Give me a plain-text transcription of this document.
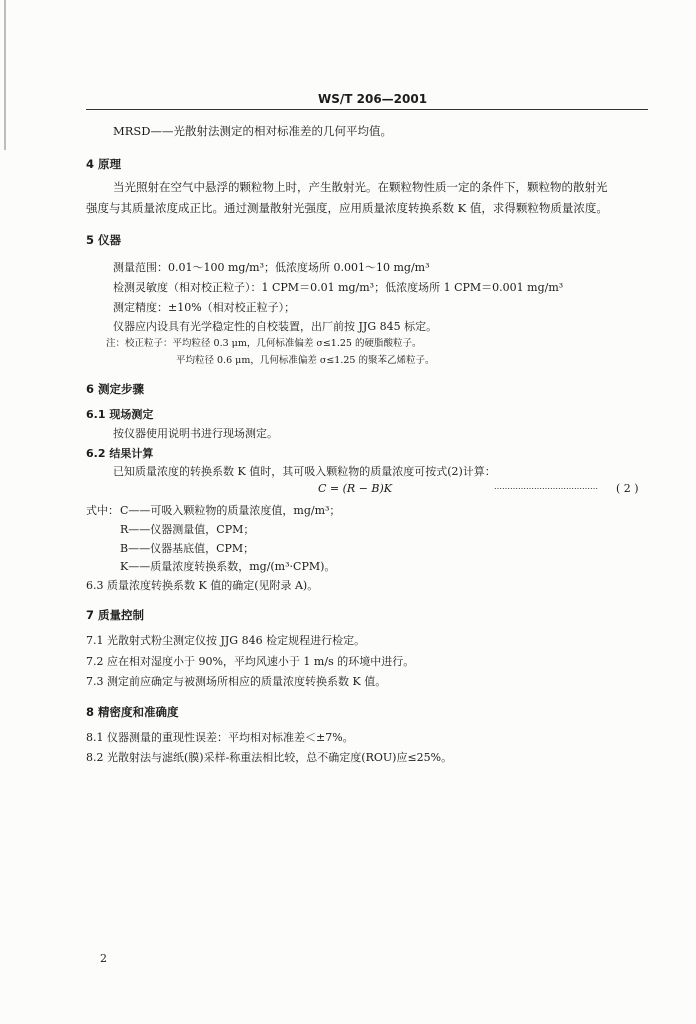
WS/T 206—2001
MRSD——光散射法测定的相对标准差的几何平均值。
4 原理
当光照射在空气中悬浮的颗粒物上时，产生散射光。在颗粒物性质一定的条件下，颗粒物的散射光
强度与其质量浓度成正比。通过测量散射光强度，应用质量浓度转换系数 K 值，求得颗粒物质量浓度。
5 仪器
测量范围：0.01～100 mg/m³；低浓度场所 0.001～10 mg/m³
检测灵敏度（相对校正粒子）：1 CPM＝0.01 mg/m³；低浓度场所 1 CPM＝0.001 mg/m³
测定精度：±10%（相对校正粒子）；
仪器应内设具有光学稳定性的自校装置，出厂前按 JJG 845 标定。
注：校正粒子：平均粒径 0.3 μm，几何标准偏差 σ≤1.25 的硬脂酸粒子。
平均粒径 0.6 μm，几何标准偏差 σ≤1.25 的聚苯乙烯粒子。
6 测定步骤
6.1 现场测定
按仪器使用说明书进行现场测定。
6.2 结果计算
已知质量浓度的转换系数 K 值时，其可吸入颗粒物的质量浓度可按式(2)计算：
C = (R − B)K	………………………………… ( 2 )
式中： C——可吸入颗粒物的质量浓度值，mg/m³；
R——仪器测量值，CPM；
B——仪器基底值，CPM；
K——质量浓度转换系数，mg/(m³·CPM)。
6.3 质量浓度转换系数 K 值的确定(见附录 A)。
7 质量控制
7.1 光散射式粉尘测定仪按 JJG 846 检定规程进行检定。
7.2 应在相对湿度小于 90%，平均风速小于 1 m/s 的环境中进行。
7.3 测定前应确定与被测场所相应的质量浓度转换系数 K 值。
8 精密度和准确度
8.1 仪器测量的重现性误差：平均相对标准差＜±7%。
8.2 光散射法与滤纸(膜)采样-称重法相比较，总不确定度(ROU)应≤25%。
2
